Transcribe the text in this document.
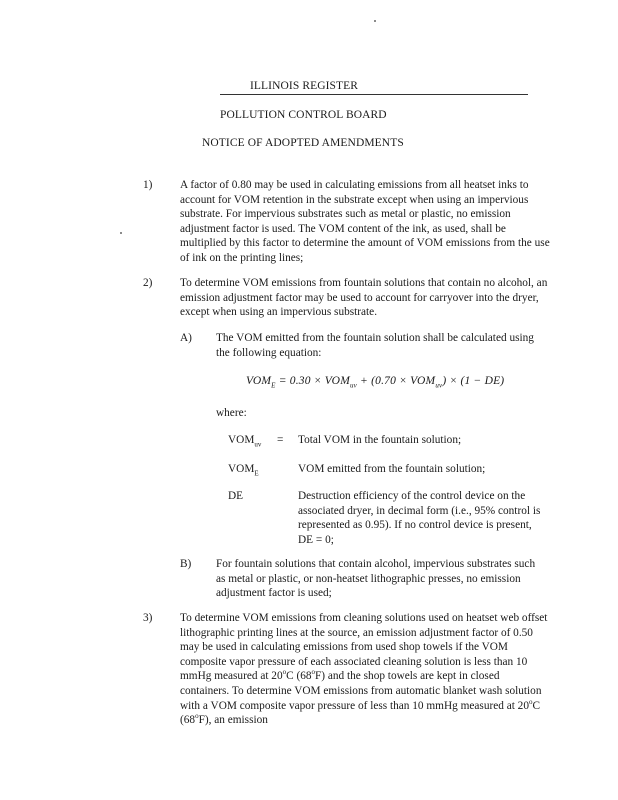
ILLINOIS REGISTER
POLLUTION CONTROL BOARD
NOTICE OF ADOPTED AMENDMENTS
1)	A factor of 0.80 may be used in calculating emissions from all heatset inks to account for VOM retention in the substrate except when using an impervious substrate. For impervious substrates such as metal or plastic, no emission adjustment factor is used. The VOM content of the ink, as used, shall be multiplied by this factor to determine the amount of VOM emissions from the use of ink on the printing lines;
2)	To determine VOM emissions from fountain solutions that contain no alcohol, an emission adjustment factor may be used to account for carryover into the dryer, except when using an impervious substrate.
A) The VOM emitted from the fountain solution shall be calculated using the following equation:
$VOM_E = 0.30 \times VOM_{uv} + (0.70 \times VOM_{uv}) \times (1 - DE)$
where:
$VOM_{uv}$ = Total VOM in the fountain solution;
$VOM_E$	VOM emitted from the fountain solution;
DE	Destruction efficiency of the control device on the associated dryer, in decimal form (i.e., 95% control is represented as 0.95). If no control device is present, DE = 0;
B) For fountain solutions that contain alcohol, impervious substrates such as metal or plastic, or non-heatset lithographic presses, no emission adjustment factor is used;
3)	To determine VOM emissions from cleaning solutions used on heatset web offset lithographic printing lines at the source, an emission adjustment factor of 0.50 may be used in calculating emissions from used shop towels if the VOM composite vapor pressure of each associated cleaning solution is less than 10 mmHg measured at 20$^o$C (68$^o$F) and the shop towels are kept in closed containers. To determine VOM emissions from automatic blanket wash solution with a VOM composite vapor pressure of less than 10 mmHg measured at 20$^o$C (68$^o$F), an emission
